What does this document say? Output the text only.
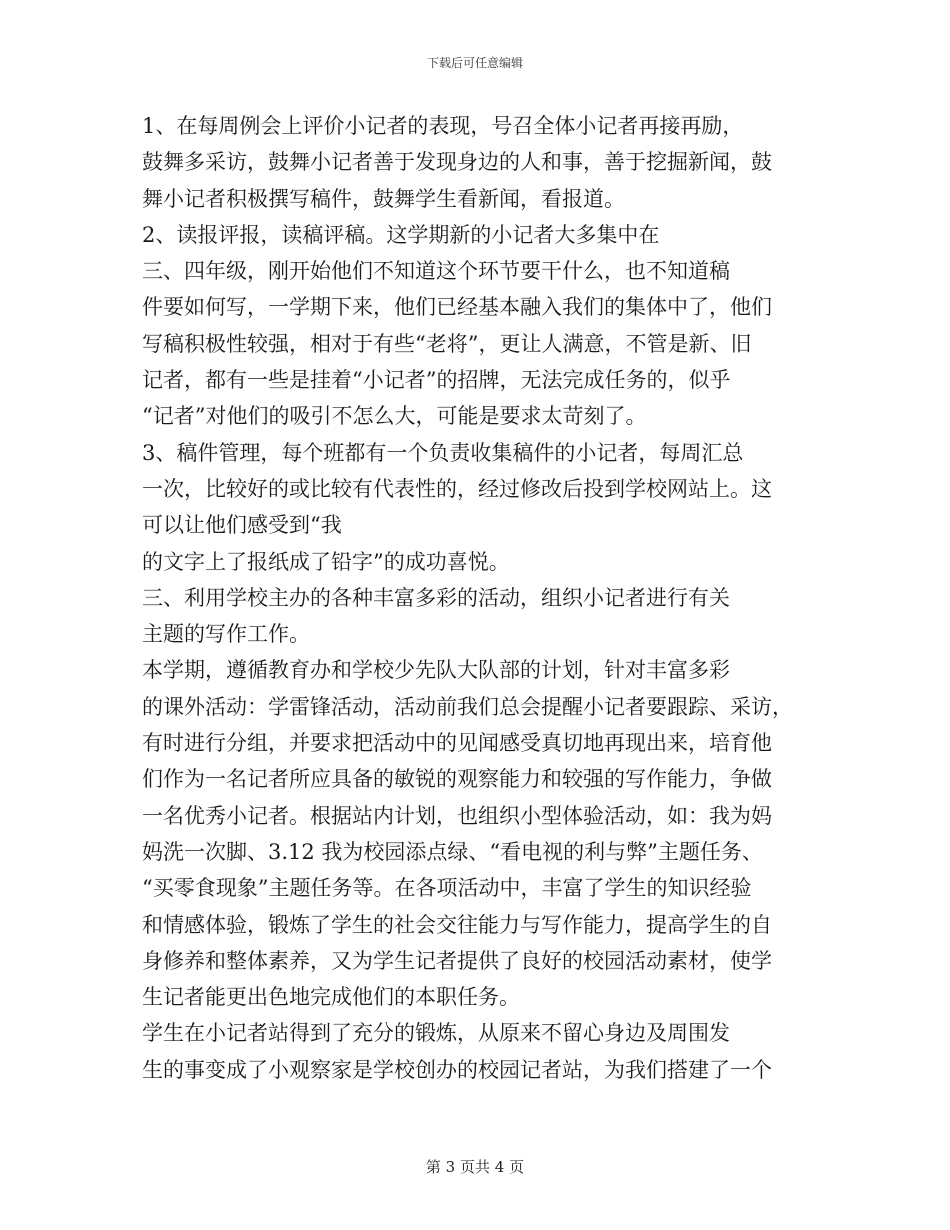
下载后可任意编辑

1、在每周例会上评价小记者的表现，号召全体小记者再接再励，

鼓舞多采访，鼓舞小记者善于发现身边的人和事，善于挖掘新闻，鼓

舞小记者积极撰写稿件，鼓舞学生看新闻，看报道。

2、读报评报，读稿评稿。这学期新的小记者大多集中在

三、四年级，刚开始他们不知道这个环节要干什么，也不知道稿

件要如何写，一学期下来，他们已经基本融入我们的集体中了，他们

写稿积极性较强，相对于有些“老将”，更让人满意，不管是新、旧

记者，都有一些是挂着“小记者”的招牌，无法完成任务的，似乎

“记者”对他们的吸引不怎么大，可能是要求太苛刻了。

3、稿件管理，每个班都有一个负责收集稿件的小记者，每周汇总

一次，比较好的或比较有代表性的，经过修改后投到学校网站上。这

可以让他们感受到“我

的文字上了报纸成了铅字”的成功喜悦。

三、利用学校主办的各种丰富多彩的活动，组织小记者进行有关

主题的写作工作。

本学期，遵循教育办和学校少先队大队部的计划，针对丰富多彩

的课外活动：学雷锋活动，活动前我们总会提醒小记者要跟踪、采访，

有时进行分组，并要求把活动中的见闻感受真切地再现出来，培育他

们作为一名记者所应具备的敏锐的观察能力和较强的写作能力，争做

一名优秀小记者。根据站内计划，也组织小型体验活动，如：我为妈

妈洗一次脚、3.12 我为校园添点绿、“看电视的利与弊”主题任务、

“买零食现象”主题任务等。在各项活动中，丰富了学生的知识经验

和情感体验，锻炼了学生的社会交往能力与写作能力，提高学生的自

身修养和整体素养，又为学生记者提供了良好的校园活动素材，使学

生记者能更出色地完成他们的本职任务。

学生在小记者站得到了充分的锻炼，从原来不留心身边及周围发

生的事变成了小观察家是学校创办的校园记者站，为我们搭建了一个

第 3 页共 4 页
